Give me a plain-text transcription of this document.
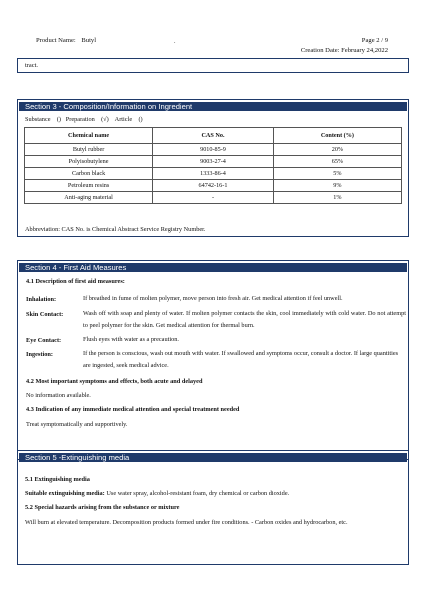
Product Name: Butyl	.	Page 2 / 9
Creation Date: February 24,2022
tract.
Section 3 - Composition/Information on Ingredient
Substance    ()   Preparation    (√)    Article    ()
Chemical name	CAS No.	Content (%)
Butyl rubber	9010-85-9	20%
Polyisobutylene	9003-27-4	65%
Carbon black	1333-86-4	5%
Petroleum resins	64742-16-1	9%
Anti-aging material	-	1%
Abbreviation: CAS No. is Chemical Abstract Service Registry Number.
Section 4 - First Aid Measures
4.1 Description of first aid measures:
Inhalation:	If breathed in fume of molten polymer, move person into fresh air. Get medical attention if feel unwell.
Skin Contact:	Wash off with soap and plenty of water. If molten polymer contacts the skin, cool immediately with cold water. Do not attempt to peel polymer for the skin. Get medical attention for thermal burn.
Eye Contact:	Flush eyes with water as a precaution.
Ingestion:	If the person is conscious, wash out mouth with water. If swallowed and symptoms occur, consult a doctor. If large quantities are ingested, seek medical advice.
4.2 Most important symptoms and effects, both acute and delayed
No information available.
4.3 Indication of any immediate medical attention and special treatment needed
Treat symptomatically and supportively.
Section 5 -Extinguishing media
5.1 Extinguishing media
Suitable extinguishing media: Use water spray, alcohol-resistant foam, dry chemical or carbon dioxide.
5.2 Special hazards arising from the substance or mixture
Will burn at elevated temperature. Decomposition products formed under fire conditions. - Carbon oxides and hydrocarbon, etc.
